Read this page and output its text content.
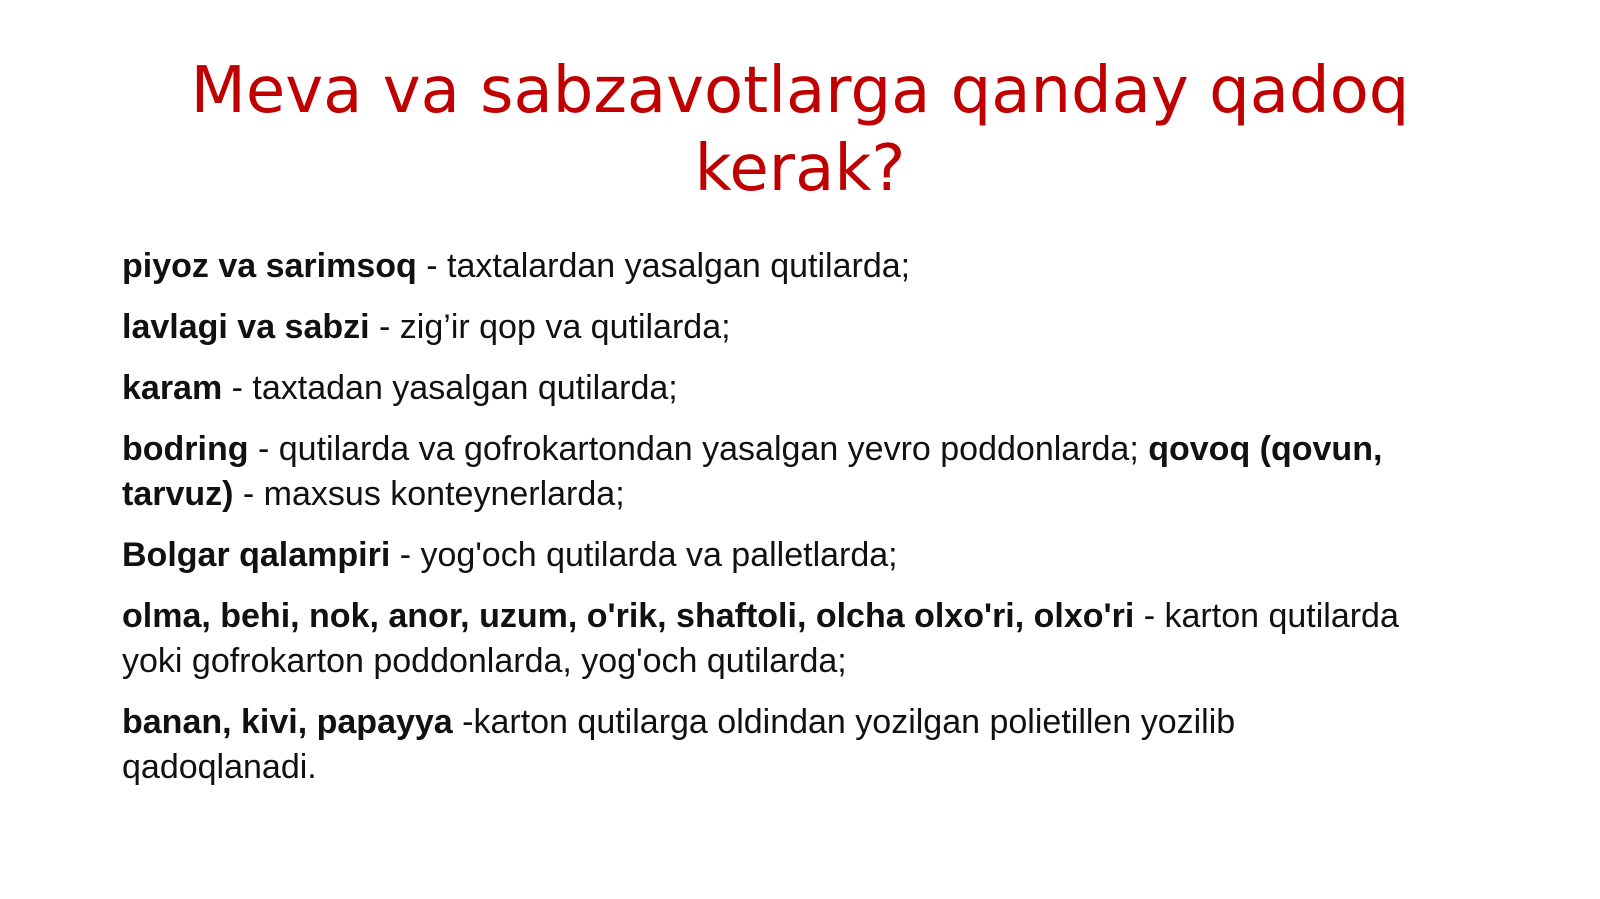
Meva va sabzavotlarga qanday qadoq kerak?

piyoz va sarimsoq - taxtalardan yasalgan qutilarda;

lavlagi va sabzi - zig’ir qop va qutilarda;

karam - taxtadan yasalgan qutilarda;

bodring - qutilarda va gofrokartondan yasalgan yevro poddonlarda; qovoq (qovun, tarvuz) - maxsus konteynerlarda;

Bolgar qalampiri - yog'och qutilarda va palletlarda;

olma, behi, nok, anor, uzum, o'rik, shaftoli, olcha olxo'ri, olxo'ri - karton qutilarda yoki gofrokarton poddonlarda, yog'och qutilarda;

banan, kivi, papayya -karton qutilarga oldindan yozilgan polietillen yozilib qadoqlanadi.
